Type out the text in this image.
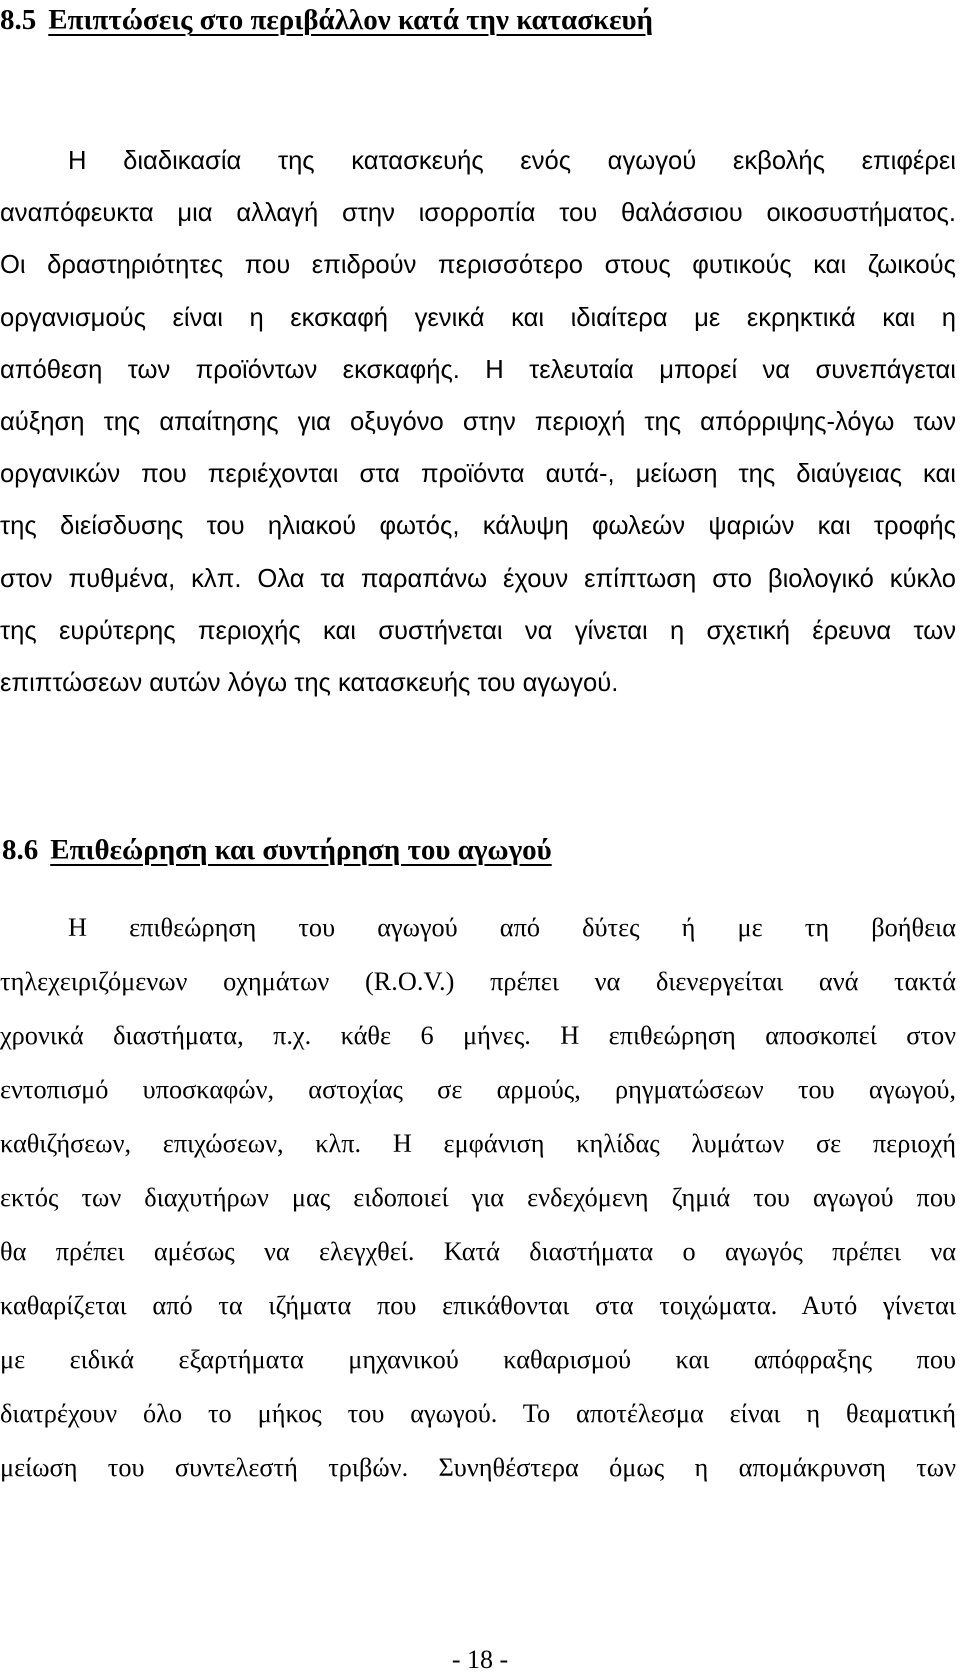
8.5 Επιπτώσεις στο περιβάλλον κατά την κατασκευή
Η διαδικασία της κατασκευής ενός αγωγού εκβολής επιφέρει
αναπόφευκτα μια αλλαγή στην ισορροπία του θαλάσσιου οικοσυστήματος.
Οι δραστηριότητες που επιδρούν περισσότερο στους φυτικούς και ζωικούς
οργανισμούς είναι η εκσκαφή γενικά και ιδιαίτερα με εκρηκτικά και η
απόθεση των προϊόντων εκσκαφής. Η τελευταία μπορεί να συνεπάγεται
αύξηση της απαίτησης για οξυγόνο στην περιοχή της απόρριψης-λόγω των
οργανικών που περιέχονται στα προϊόντα αυτά-, μείωση της διαύγειας και
της διείσδυσης του ηλιακού φωτός, κάλυψη φωλεών ψαριών και τροφής
στον πυθμένα, κλπ. Ολα τα παραπάνω έχουν επίπτωση στο βιολογικό κύκλο
της ευρύτερης περιοχής και συστήνεται να γίνεται η σχετική έρευνα των
επιπτώσεων αυτών λόγω της κατασκευής του αγωγού.
8.6 Επιθεώρηση και συντήρηση του αγωγού
Η επιθεώρηση του αγωγού από δύτες ή με τη βοήθεια
τηλεχειριζόμενων οχημάτων (R.O.V.) πρέπει να διενεργείται ανά τακτά
χρονικά διαστήματα, π.χ. κάθε 6 μήνες. Η επιθεώρηση αποσκοπεί στον
εντοπισμό υποσκαφών, αστοχίας σε αρμούς, ρηγματώσεων του αγωγού,
καθιζήσεων, επιχώσεων, κλπ. Η εμφάνιση κηλίδας λυμάτων σε περιοχή
εκτός των διαχυτήρων μας ειδοποιεί για ενδεχόμενη ζημιά του αγωγού που
θα πρέπει αμέσως να ελεγχθεί. Κατά διαστήματα ο αγωγός πρέπει να
καθαρίζεται από τα ιζήματα που επικάθονται στα τοιχώματα. Αυτό γίνεται
με ειδικά εξαρτήματα μηχανικού καθαρισμού και απόφραξης που
διατρέχουν όλο το μήκος του αγωγού. Το αποτέλεσμα είναι η θεαματική
μείωση του συντελεστή τριβών. Συνηθέστερα όμως η απομάκρυνση των
- 18 -
